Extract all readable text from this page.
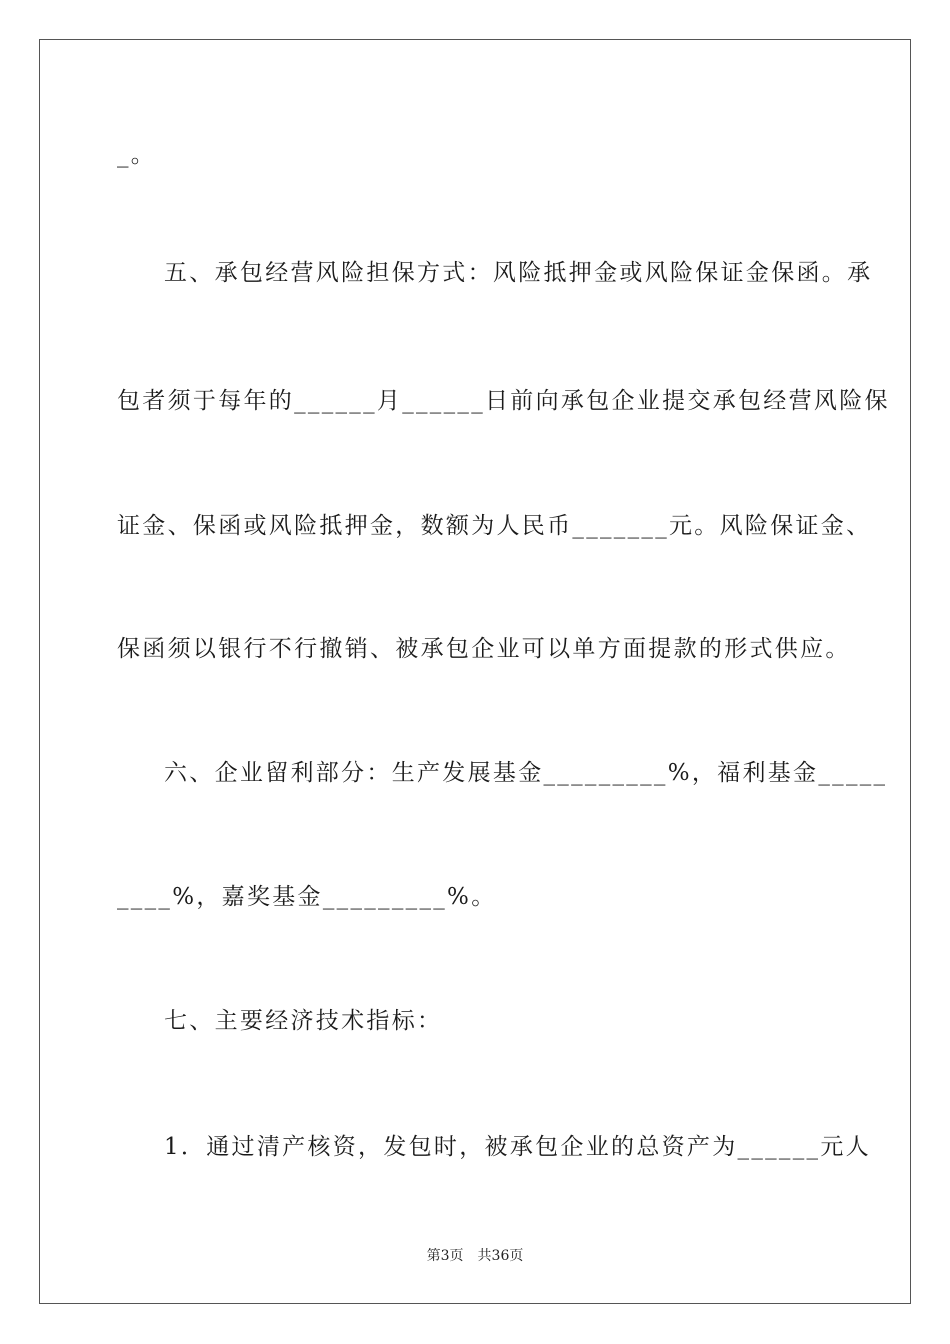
_。
五、承包经营风险担保方式：风险抵押金或风险保证金保函。承
包者须于每年的______月______日前向承包企业提交承包经营风险保
证金、保函或风险抵押金，数额为人民币_______元。风险保证金、
保函须以银行不行撤销、被承包企业可以单方面提款的形式供应。
六、企业留利部分：生产发展基金_________%，福利基金_____
____%，嘉奖基金_________%。
七、主要经济技术指标：
1．通过清产核资，发包时，被承包企业的总资产为______元人
第3页 共36页
